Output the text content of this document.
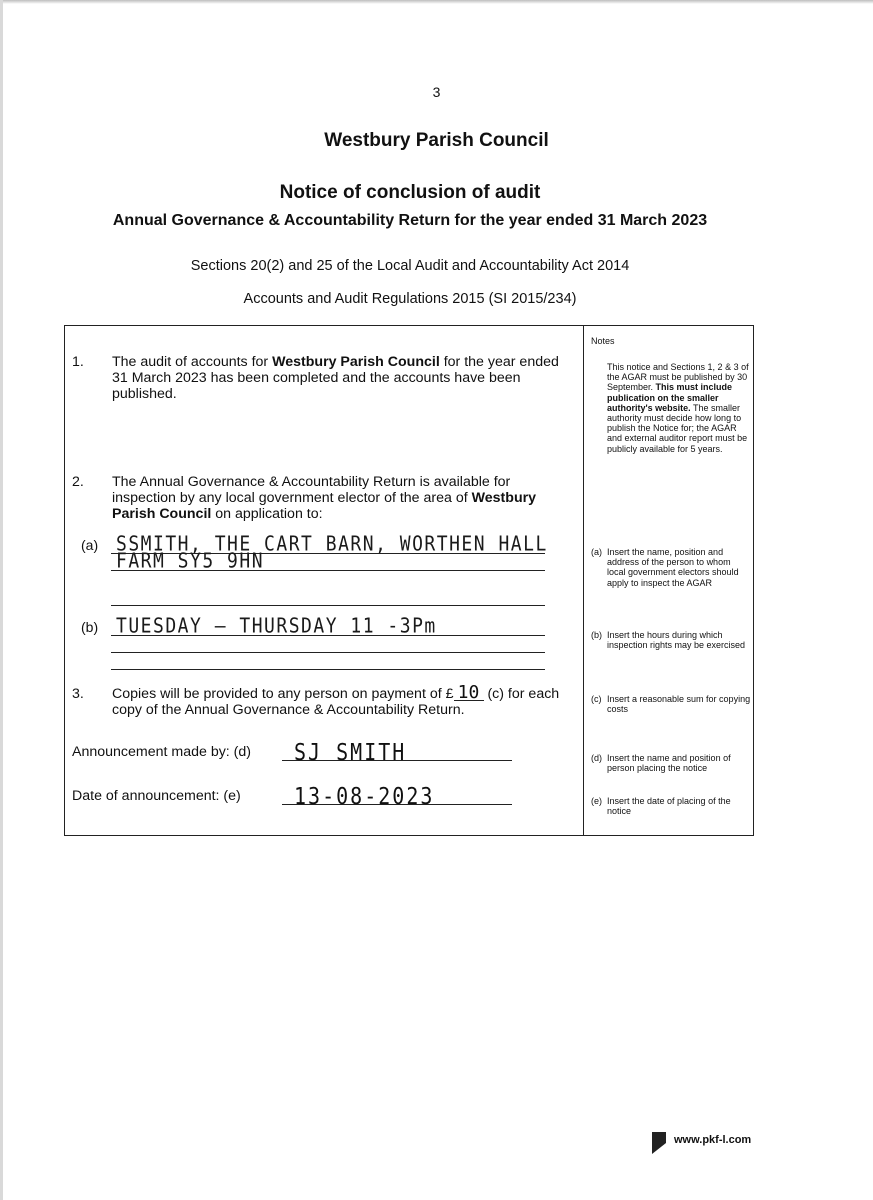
3
Westbury Parish Council
Notice of conclusion of audit
Annual Governance & Accountability Return for the year ended 31 March 2023
Sections 20(2) and 25 of the Local Audit and Accountability Act 2014
Accounts and Audit Regulations 2015 (SI 2015/234)
1. The audit of accounts for Westbury Parish Council for the year ended 31 March 2023 has been completed and the accounts have been published.
2. The Annual Governance & Accountability Return is available for inspection by any local government elector of the area of Westbury Parish Council on application to:
(a) SSMITH, THE CART BARN, WORTHEN HALL
FARM SY5 9HN
(b) TUESDAY – THURSDAY 11 -3Pm
3. Copies will be provided to any person on payment of £ 10 (c) for each copy of the Annual Governance & Accountability Return.
Announcement made by: (d) SJ SMITH
Date of announcement: (e)	13-08-2023
Notes
This notice and Sections 1, 2 & 3 of the AGAR must be published by 30 September. This must include publication on the smaller authority's website. The smaller authority must decide how long to publish the Notice for; the AGAR and external auditor report must be publicly available for 5 years.
(a) Insert the name, position and address of the person to whom local government electors should apply to inspect the AGAR
(b) Insert the hours during which inspection rights may be exercised
(c) Insert a reasonable sum for copying costs
(d) Insert the name and position of person placing the notice
(e) Insert the date of placing of the notice
www.pkf-l.com
